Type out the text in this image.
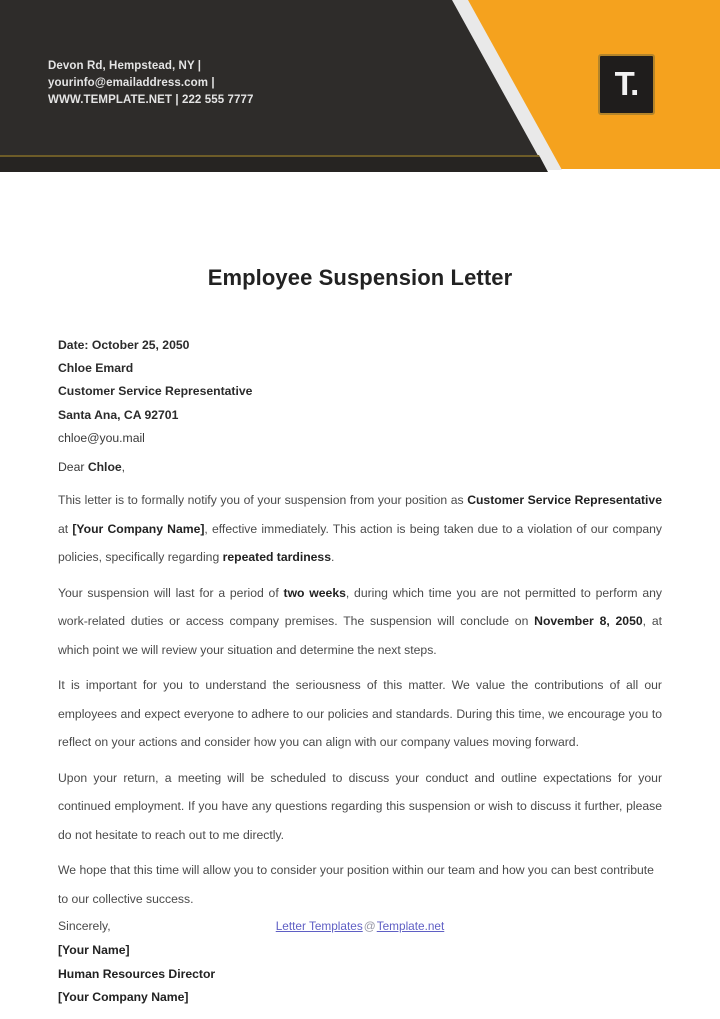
Devon Rd, Hempstead, NY |
yourinfo@emailaddress.com |
WWW.TEMPLATE.NET | 222 555 7777	T.
Employee Suspension Letter
Date: October 25, 2050
Chloe Emard
Customer Service Representative
Santa Ana, CA 92701
chloe@you.mail
Dear Chloe,

This letter is to formally notify you of your suspension from your position as Customer Service Representative at [Your Company Name], effective immediately. This action is being taken due to a violation of our company policies, specifically regarding repeated tardiness.

Your suspension will last for a period of two weeks, during which time you are not permitted to perform any work-related duties or access company premises. The suspension will conclude on November 8, 2050, at which point we will review your situation and determine the next steps.

It is important for you to understand the seriousness of this matter. We value the contributions of all our employees and expect everyone to adhere to our policies and standards. During this time, we encourage you to reflect on your actions and consider how you can align with our company values moving forward.

Upon your return, a meeting will be scheduled to discuss your conduct and outline expectations for your continued employment. If you have any questions regarding this suspension or wish to discuss it further, please do not hesitate to reach out to me directly.

We hope that this time will allow you to consider your position within our team and how you can best contribute to our collective success.

Sincerely,
[Your Name]
Human Resources Director
[Your Company Name]
Letter Templates@Template.net
